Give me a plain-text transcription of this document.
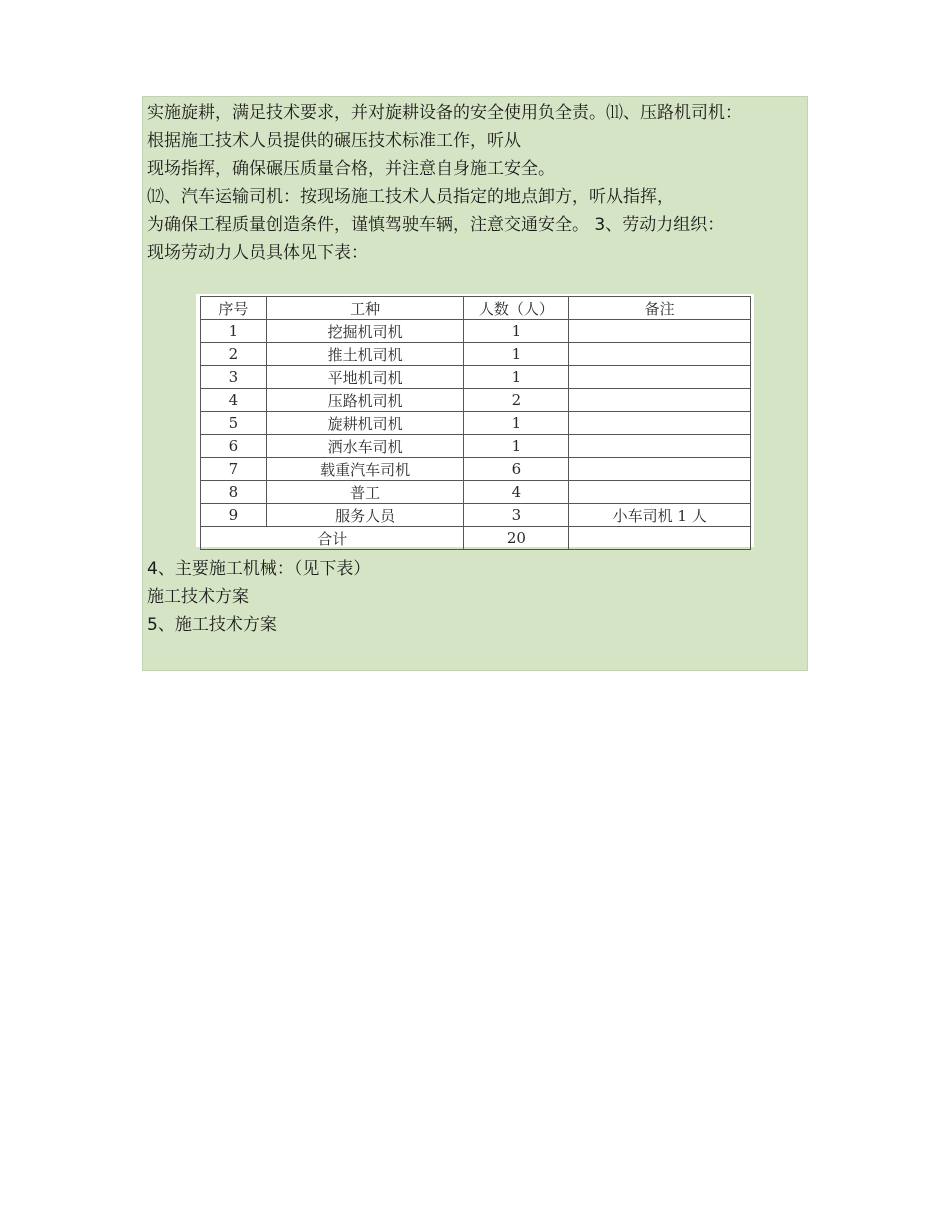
实施旋耕，满足技术要求，并对旋耕设备的安全使用负全责。⑾、压路机司机：
根据施工技术人员提供的碾压技术标准工作，听从
现场指挥，确保碾压质量合格，并注意自身施工安全。
⑿、汽车运输司机：按现场施工技术人员指定的地点卸方，听从指挥，
为确保工程质量创造条件，谨慎驾驶车辆，注意交通安全。 3、劳动力组织：
现场劳动力人员具体见下表：
序号	工种	人数（人）	备注
1	挖掘机司机	1	
2	推土机司机	1	
3	平地机司机	1	
4	压路机司机	2	
5	旋耕机司机	1	
6	洒水车司机	1	
7	载重汽车司机	6	
8	普工	4	
9	服务人员	3	小车司机 1 人
合计		20	
4、主要施工机械：（见下表）
施工技术方案
5、施工技术方案
